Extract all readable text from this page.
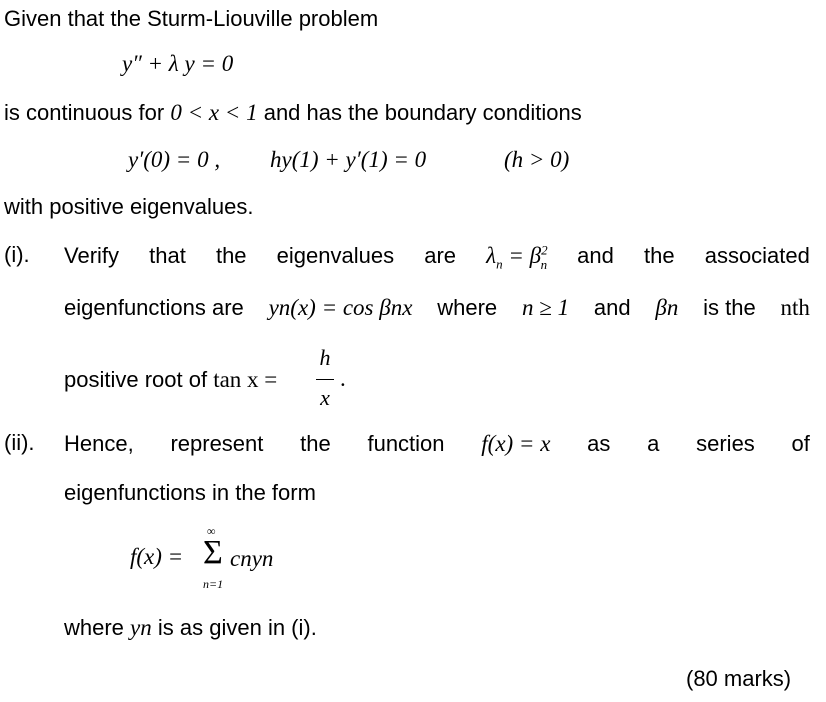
Given that the Sturm-Liouville problem
y″ + λ y = 0
is continuous for 0 < x < 1 and has the boundary conditions
y′(0) = 0 , hy(1) + y′(1) = 0	(h > 0)
with positive eigenvalues.
(i). Verify that the eigenvalues are $\lambda_n = \beta^2_n$ and the associated
eigenfunctions are yn(x) = cos βnx where n ≥ 1 and βn is the nth
positive root of tan x =
h
x
.
(ii). Hence, represent the function f(x) = x as a series of
eigenfunctions in the form
f(x) = Σ
∞
n=1
cnyn
where yn is as given in (i).
(80 marks)
